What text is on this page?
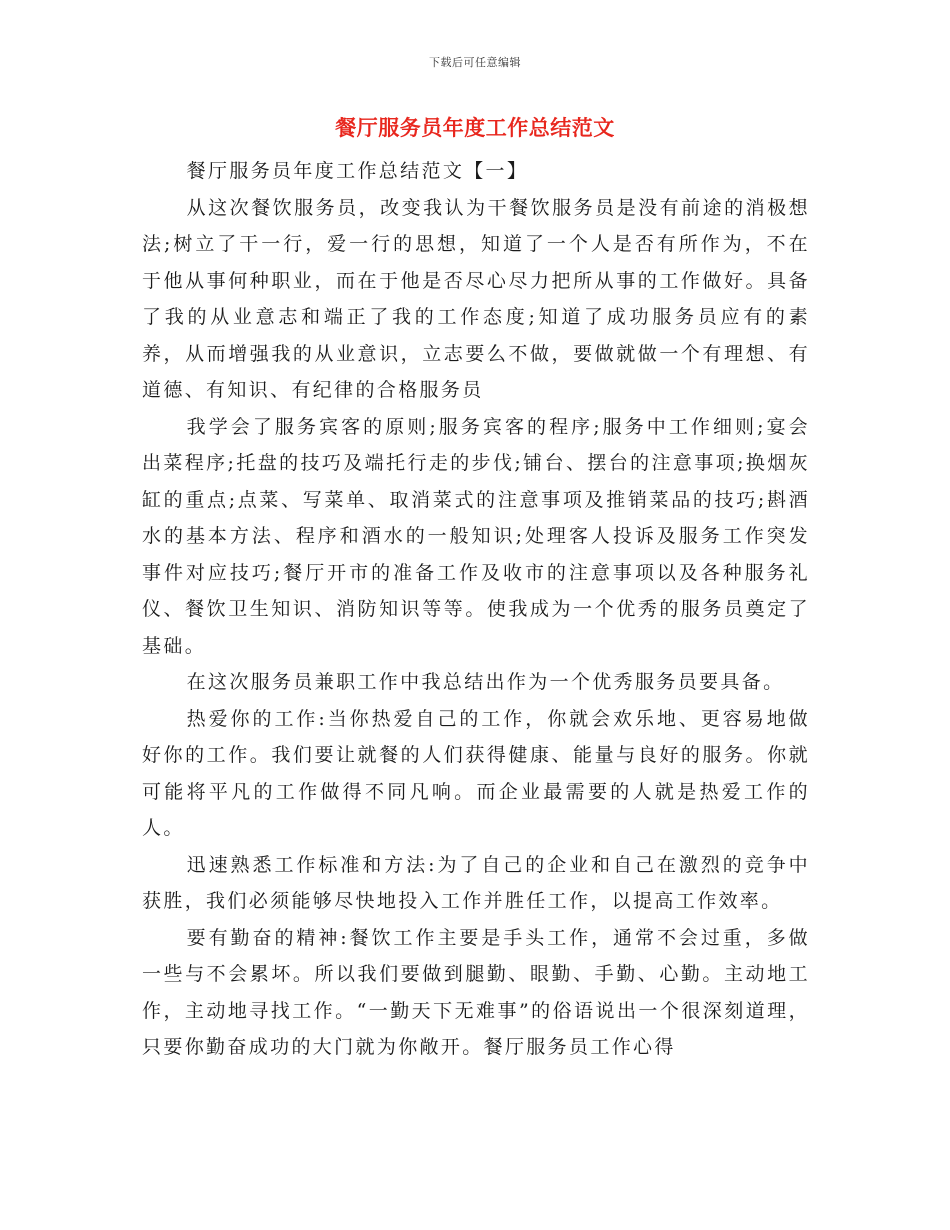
下载后可任意编辑
餐厅服务员年度工作总结范文

餐厅服务员年度工作总结范文【一】

从这次餐饮服务员，改变我认为干餐饮服务员是没有前途的消极想法;树立了干一行，爱一行的思想，知道了一个人是否有所作为，不在于他从事何种职业，而在于他是否尽心尽力把所从事的工作做好。具备了我的从业意志和端正了我的工作态度;知道了成功服务员应有的素养，从而增强我的从业意识，立志要么不做，要做就做一个有理想、有道德、有知识、有纪律的合格服务员

我学会了服务宾客的原则;服务宾客的程序;服务中工作细则;宴会出菜程序;托盘的技巧及端托行走的步伐;铺台、摆台的注意事项;换烟灰缸的重点;点菜、写菜单、取消菜式的注意事项及推销菜品的技巧;斟酒水的基本方法、程序和酒水的一般知识;处理客人投诉及服务工作突发事件对应技巧;餐厅开市的准备工作及收市的注意事项以及各种服务礼仪、餐饮卫生知识、消防知识等等。使我成为一个优秀的服务员奠定了基础。

在这次服务员兼职工作中我总结出作为一个优秀服务员要具备。

热爱你的工作:当你热爱自己的工作，你就会欢乐地、更容易地做好你的工作。我们要让就餐的人们获得健康、能量与良好的服务。你就可能将平凡的工作做得不同凡响。而企业最需要的人就是热爱工作的人。

迅速熟悉工作标准和方法:为了自己的企业和自己在激烈的竞争中获胜，我们必须能够尽快地投入工作并胜任工作，以提高工作效率。

要有勤奋的精神:餐饮工作主要是手头工作，通常不会过重，多做一些与不会累坏。所以我们要做到腿勤、眼勤、手勤、心勤。主动地工作，主动地寻找工作。“一勤天下无难事”的俗语说出一个很深刻道理，只要你勤奋成功的大门就为你敞开。餐厅服务员工作心得
